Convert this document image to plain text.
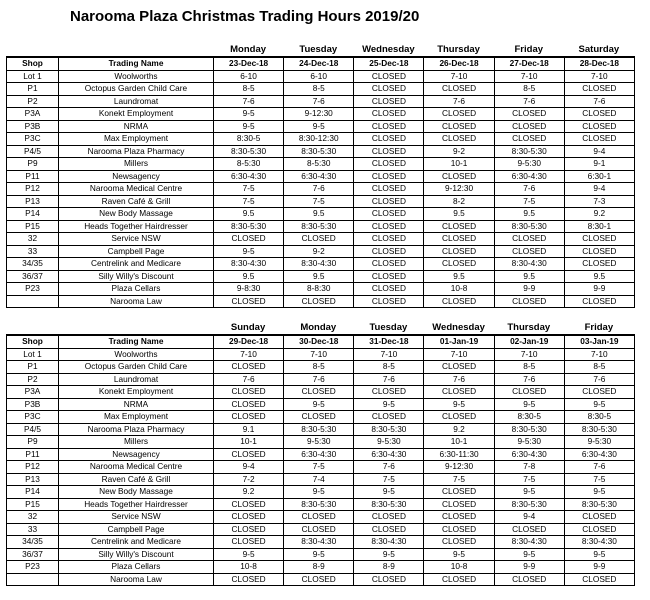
Narooma Plaza Christmas Trading Hours 2019/20
Monday	Tuesday	Wednesday	Thursday	Friday	Saturday
Shop	Trading Name	23-Dec-18	24-Dec-18	25-Dec-18	26-Dec-18	27-Dec-18	28-Dec-18
Lot 1	Woolworths	6-10	6-10	CLOSED	7-10	7-10	7-10
P1	Octopus Garden Child Care	8-5	8-5	CLOSED	CLOSED	8-5	CLOSED
P2	Laundromat	7-6	7-6	CLOSED	7-6	7-6	7-6
P3A	Konekt Employment	9-5	9-12:30	CLOSED	CLOSED	CLOSED	CLOSED
P3B	NRMA	9-5	9-5	CLOSED	CLOSED	CLOSED	CLOSED
P3C	Max Employment	8:30-5	8:30-12:30	CLOSED	CLOSED	CLOSED	CLOSED
P4/5	Narooma Plaza Pharmacy	8:30-5:30	8:30-5:30	CLOSED	9-2	8:30-5:30	9-4
P9	Millers	8-5:30	8-5:30	CLOSED	10-1	9-5:30	9-1
P11	Newsagency	6:30-4:30	6:30-4:30	CLOSED	CLOSED	6:30-4:30	6:30-1
P12	Narooma Medical Centre	7-5	7-6	CLOSED	9-12:30	7-6	9-4
P13	Raven Café & Grill	7-5	7-5	CLOSED	8-2	7-5	7-3
P14	New Body Massage	9.5	9.5	CLOSED	9.5	9.5	9.2
P15	Heads Together Hairdresser	8:30-5:30	8:30-5:30	CLOSED	CLOSED	8:30-5:30	8:30-1
32	Service NSW	CLOSED	CLOSED	CLOSED	CLOSED	CLOSED	CLOSED
33	Campbell Page	9-5	9-2	CLOSED	CLOSED	CLOSED	CLOSED
34/35	Centrelink and Medicare	8:30-4:30	8:30-4:30	CLOSED	CLOSED	8:30-4:30	CLOSED
36/37	Silly Willy's Discount	9.5	9.5	CLOSED	9.5	9.5	9.5
P23	Plaza Cellars	9-8:30	8-8:30	CLOSED	10-8	9-9	9-9
	Narooma Law	CLOSED	CLOSED	CLOSED	CLOSED	CLOSED	CLOSED
Sunday	Monday	Tuesday	Wednesday	Thursday	Friday
Shop	Trading Name	29-Dec-18	30-Dec-18	31-Dec-18	01-Jan-19	02-Jan-19	03-Jan-19
Lot 1	Woolworths	7-10	7-10	7-10	7-10	7-10	7-10
P1	Octopus Garden Child Care	CLOSED	8-5	8-5	CLOSED	8-5	8-5
P2	Laundromat	7-6	7-6	7-6	7-6	7-6	7-6
P3A	Konekt Employment	CLOSED	CLOSED	CLOSED	CLOSED	CLOSED	CLOSED
P3B	NRMA	CLOSED	9-5	9-5	9-5	9-5	9-5
P3C	Max Employment	CLOSED	CLOSED	CLOSED	CLOSED	8:30-5	8:30-5
P4/5	Narooma Plaza Pharmacy	9.1	8:30-5:30	8:30-5:30	9.2	8:30-5:30	8:30-5:30
P9	Millers	10-1	9-5:30	9-5:30	10-1	9-5:30	9-5:30
P11	Newsagency	CLOSED	6:30-4:30	6:30-4:30	6:30-11:30	6:30-4:30	6:30-4:30
P12	Narooma Medical Centre	9-4	7-5	7-6	9-12:30	7-8	7-6
P13	Raven Café & Grill	7-2	7-4	7-5	7-5	7-5	7-5
P14	New Body Massage	9.2	9-5	9-5	CLOSED	9-5	9-5
P15	Heads Together Hairdresser	CLOSED	8:30-5:30	8:30-5:30	CLOSED	8:30-5:30	8:30-5:30
32	Service NSW	CLOSED	CLOSED	CLOSED	CLOSED	9-4	CLOSED
33	Campbell Page	CLOSED	CLOSED	CLOSED	CLOSED	CLOSED	CLOSED
34/35	Centrelink and Medicare	CLOSED	8:30-4:30	8:30-4:30	CLOSED	8:30-4:30	8:30-4:30
36/37	Silly Willy's Discount	9-5	9-5	9-5	9-5	9-5	9-5
P23	Plaza Cellars	10-8	8-9	8-9	10-8	9-9	9-9
	Narooma Law	CLOSED	CLOSED	CLOSED	CLOSED	CLOSED	CLOSED
